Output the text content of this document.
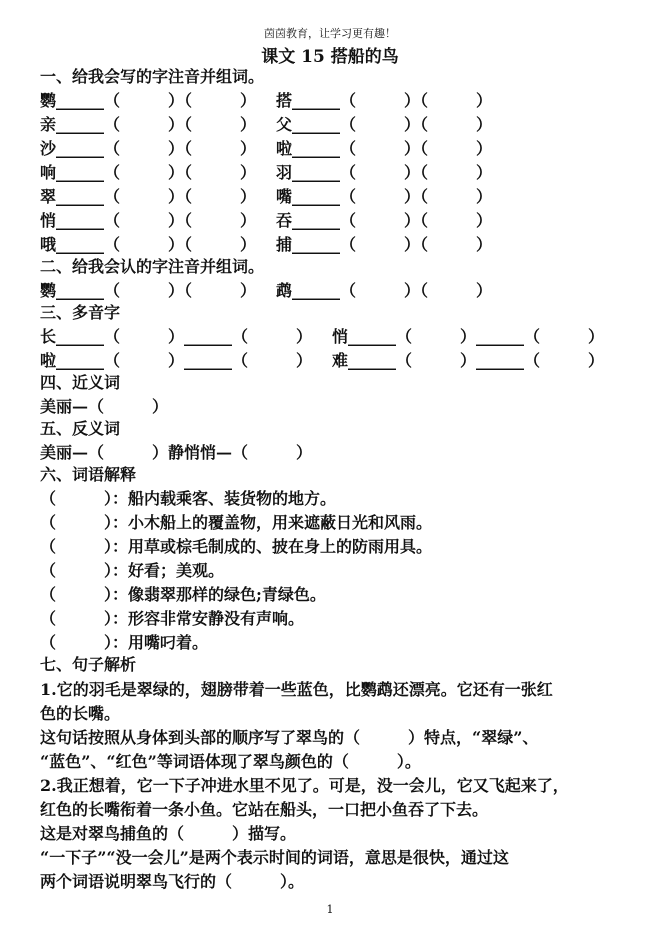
茵茵教育，让学习更有趣！
课文 15 搭船的鸟
一、给我会写的字注音并组词。
鹦______（　　　）（　　　） 搭______（　　　）（　　　）
亲______（　　　）（　　　） 父______（　　　）（　　　）
沙______（　　　）（　　　） 啦______（　　　）（　　　）
响______（　　　）（　　　） 羽______（　　　）（　　　）
翠______（　　　）（　　　） 嘴______（　　　）（　　　）
悄______（　　　）（　　　） 吞______（　　　）（　　　）
哦______（　　　）（　　　） 捕______（　　　）（　　　）
二、给我会认的字注音并组词。
鹦______（　　　）（　　　） 鹉______（　　　）（　　　）
三、多音字
长______（　　　）______（　　　） 悄______（　　　）______（　　　）
啦______（　　　）______（　　　） 难______（　　　）______（　　　）
四、近义词
美丽—（　　　）
五、反义词
美丽—（　　　）静悄悄—（　　　）
六、词语解释
（　　　）：船内载乘客、装货物的地方。
（　　　）：小木船上的覆盖物，用来遮蔽日光和风雨。
（　　　）：用草或棕毛制成的、披在身上的防雨用具。
（　　　）：好看；美观。
（　　　）：像翡翠那样的绿色;青绿色。
（　　　）：形容非常安静没有声响。
（　　　）：用嘴叼着。
七、句子解析
1.它的羽毛是翠绿的，翅膀带着一些蓝色，比鹦鹉还漂亮。它还有一张红
色的长嘴。
这句话按照从身体到头部的顺序写了翠鸟的（　　　）特点，“翠绿”、
“蓝色”、“红色”等词语体现了翠鸟颜色的（　　　）。
2.我正想着，它一下子冲进水里不见了。可是，没一会儿，它又飞起来了，
红色的长嘴衔着一条小鱼。它站在船头，一口把小鱼吞了下去。
这是对翠鸟捕鱼的（　　　）描写。
“一下子”“没一会儿”是两个表示时间的词语，意思是很快，通过这
两个词语说明翠鸟飞行的（　　　）。
1
